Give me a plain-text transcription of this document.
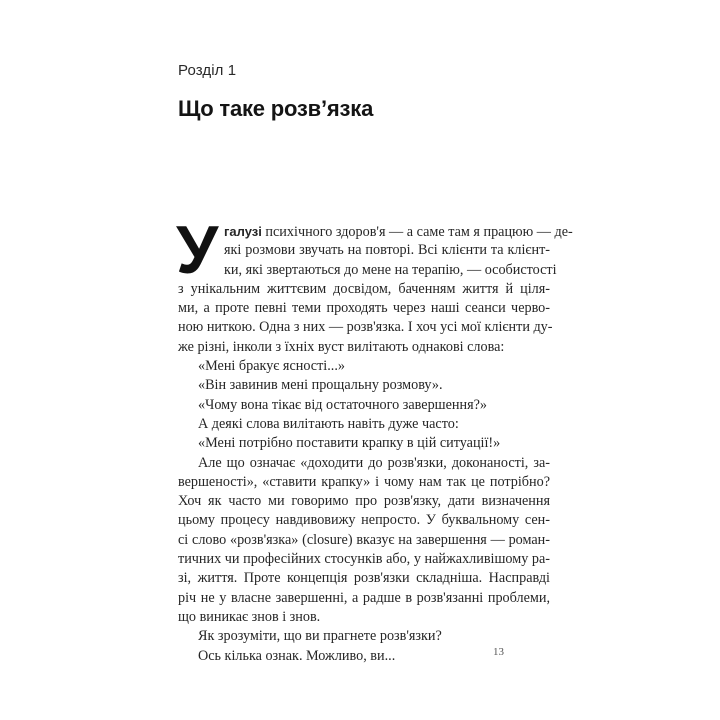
Розділ 1
Що таке розв’язка
У галузі психічного здоров'я — а саме там я працюю — де-
які розмови звучать на повторі. Всі клієнти та клієнт-
ки, які звертаються до мене на терапію, — особистості
з унікальним життєвим досвідом, баченням життя й ціля-
ми, а проте певні теми проходять через наші сеанси черво-
ною ниткою. Одна з них — розв'язка. І хоч усі мої клієнти ду-
же різні, інколи з їхніх вуст вилітають однакові слова:
«Мені бракує ясності...»
«Він завинив мені прощальну розмову».
«Чому вона тікає від остаточного завершення?»
А деякі слова вилітають навіть дуже часто:
«Мені потрібно поставити крапку в цій ситуації!»
Але що означає «доходити до розв'язки, доконаності, за-
вершеності», «ставити крапку» і чому нам так це потрібно?
Хоч як часто ми говоримо про розв'язку, дати визначення
цьому процесу навдивовижу непросто. У буквальному сен-
сі слово «розв'язка» (closure) вказує на завершення — роман-
тичних чи професійних стосунків або, у найжахливішому ра-
зі, життя. Проте концепція розв'язки складніша. Насправді
річ не у власне завершенні, а радше в розв'язанні проблеми,
що виникає знов і знов.
Як зрозуміти, що ви прагнете розв'язки?
Ось кілька ознак. Можливо, ви...	13
